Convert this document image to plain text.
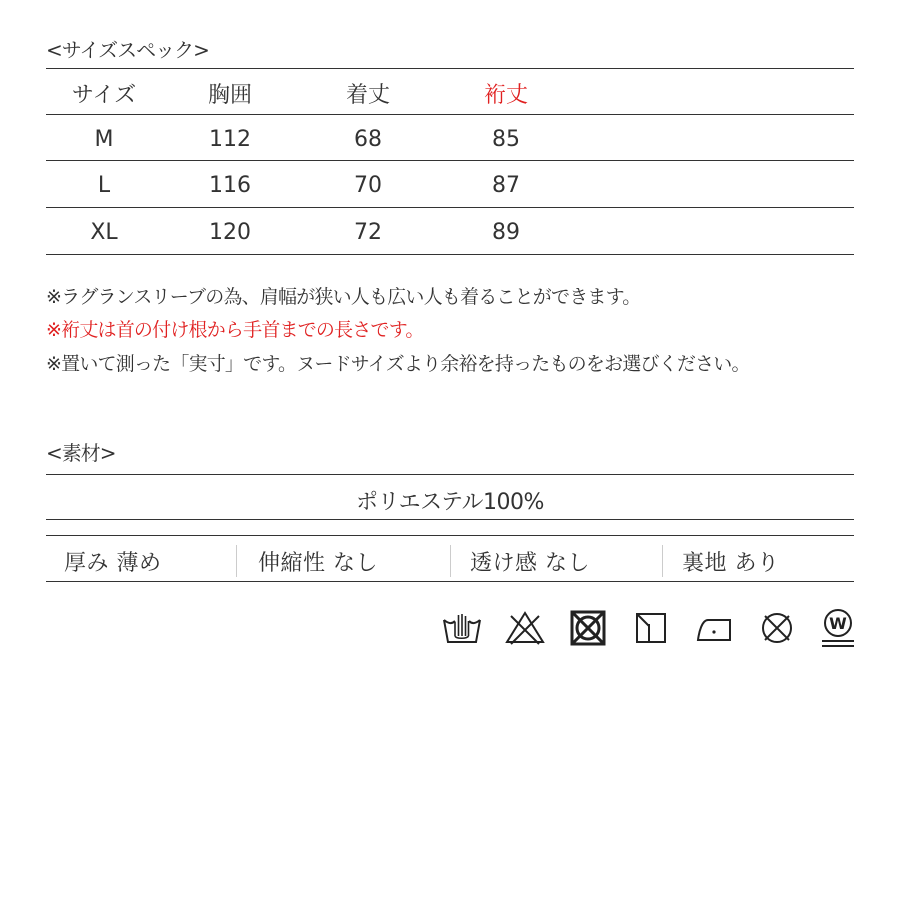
<サイズスペック>
サイズ	胸囲	着丈	裄丈
M	112	68	85
L	116	70	87
XL	120	72	89
※ラグランスリーブの為、肩幅が狭い人も広い人も着ることができます。
※裄丈は首の付け根から手首までの長さです。
※置いて測った「実寸」です。ヌードサイズより余裕を持ったものをお選びください。
<素材>
ポリエステル100%
厚み 薄め	伸縮性 なし	透け感 なし	裏地 あり
W
